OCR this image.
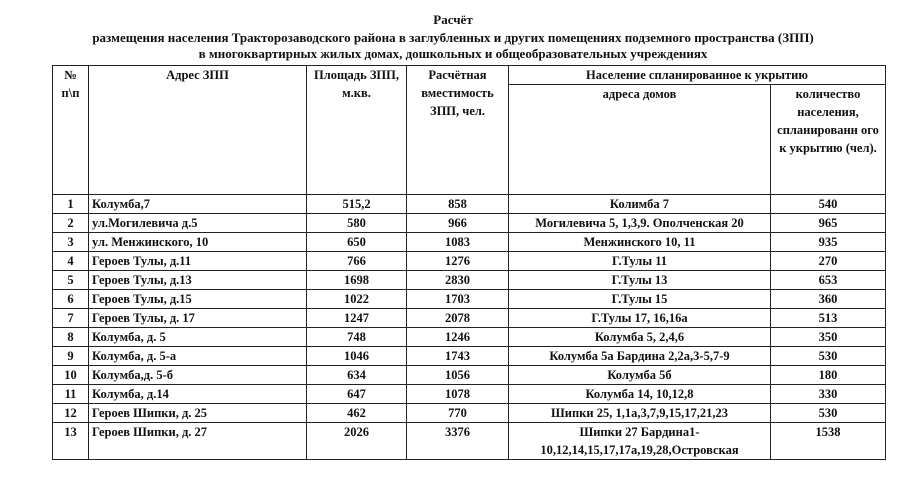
Расчёт
размещения населения Тракторозаводского района в заглубленных и других помещениях подземного пространства (ЗПП)
в многоквартирных жилых домах, дошкольных и общеобразовательных учреждениях
№ п\п	Адрес ЗПП	Площадь ЗПП, м.кв.	Расчётная вместимость ЗПП, чел.	Население спланированное к укрытию	
				адреса домов	количество населения, спланированн ого к укрытию (чел).
1	Колумба,7	515,2	858	Колимба 7	540
2	ул.Могилевича д.5	580	966	Могилевича 5, 1,3,9. Ополченская 20	965
3	ул. Менжинского, 10	650	1083	Менжинского 10, 11	935
4	Героев Тулы, д.11	766	1276	Г.Тулы 11	270
5	Героев Тулы, д.13	1698	2830	Г.Тулы 13	653
6	Героев Тулы, д.15	1022	1703	Г.Тулы 15	360
7	Героев Тулы, д. 17	1247	2078	Г.Тулы 17, 16,16а	513
8	Колумба, д. 5	748	1246	Колумба 5, 2,4,6	350
9	Колумба, д. 5-а	1046	1743	Колумба 5а Бардина 2,2а,3-5,7-9	530
10	Колумба,д. 5-б	634	1056	Колумба 5б	180
11	Колумба, д.14	647	1078	Колумба 14, 10,12,8	330
12	Героев Шипки, д. 25	462	770	Шипки 25, 1,1а,3,7,9,15,17,21,23	530
13	Героев Шипки, д. 27	2026	3376	Шипки 27 Бардина1-10,12,14,15,17,17а,19,28,Островская	1538
